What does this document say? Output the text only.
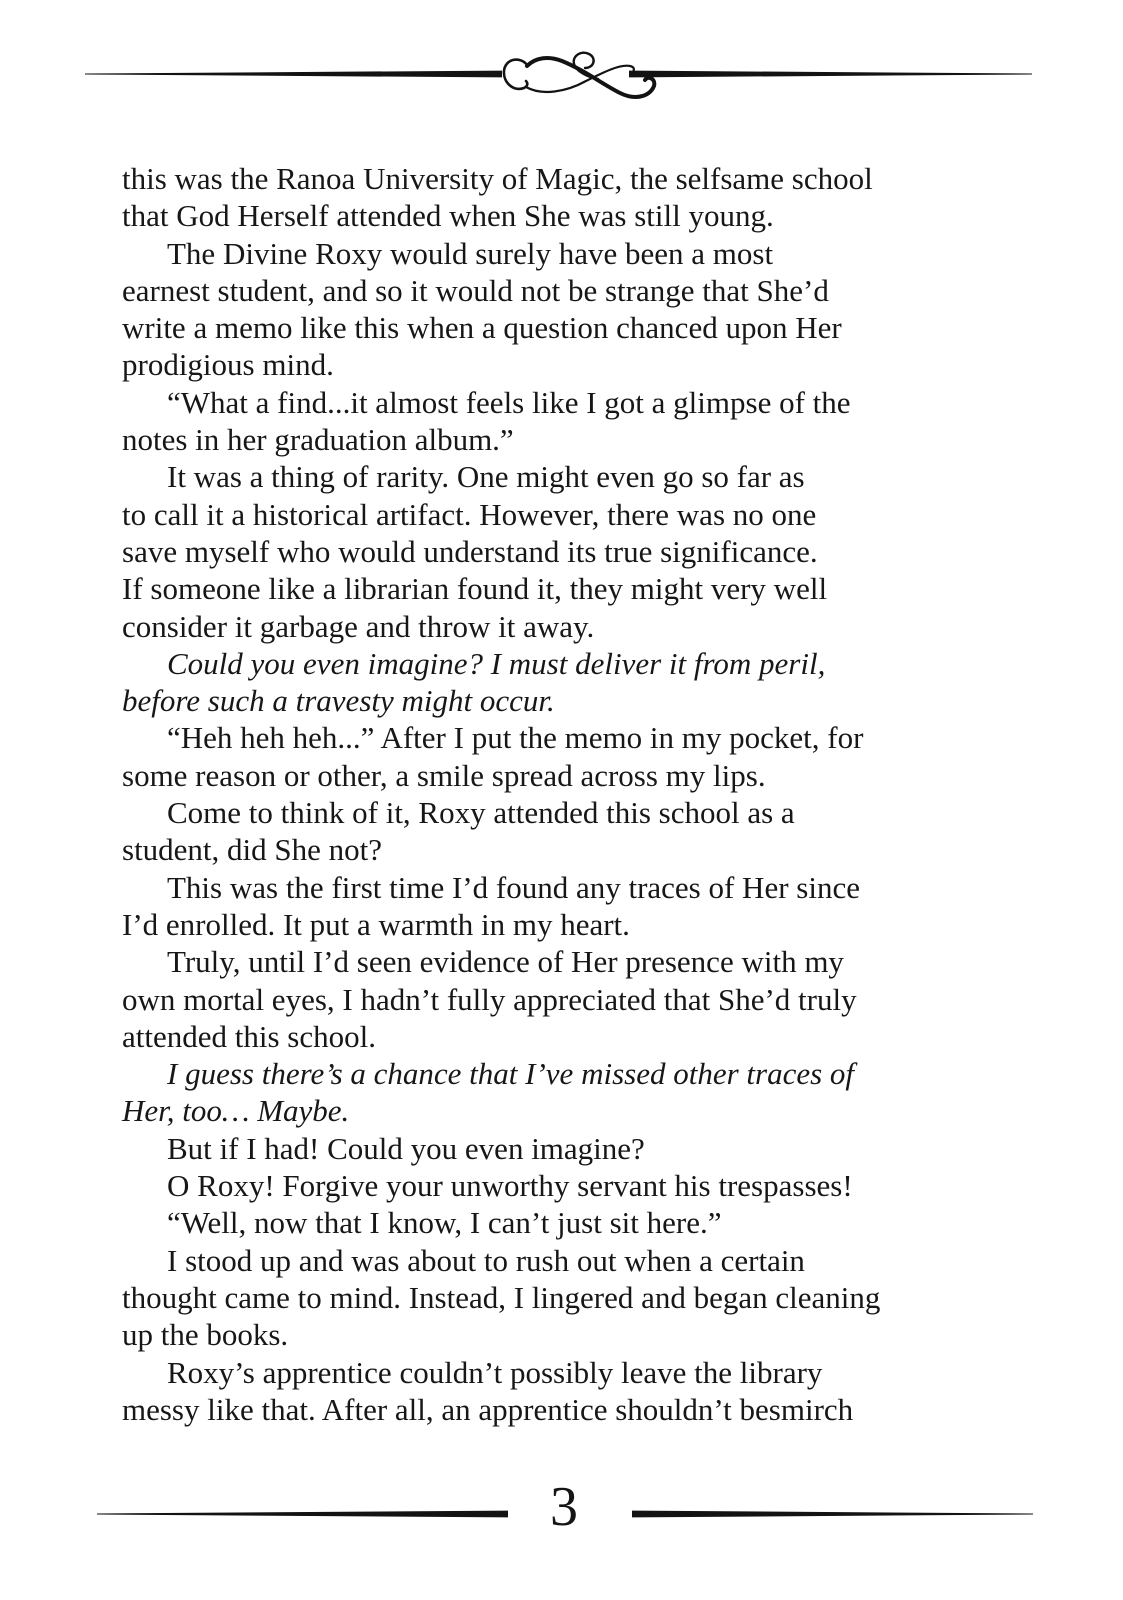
this was the Ranoa University of Magic, the selfsame school
that God Herself attended when She was still young.
The Divine Roxy would surely have been a most
earnest student, and so it would not be strange that She’d
write a memo like this when a question chanced upon Her
prodigious mind.
“What a find...it almost feels like I got a glimpse of the
notes in her graduation album.”
It was a thing of rarity. One might even go so far as
to call it a historical artifact. However, there was no one
save myself who would understand its true significance.
If someone like a librarian found it, they might very well
consider it garbage and throw it away.
Could you even imagine? I must deliver it from peril,
before such a travesty might occur.
“Heh heh heh...” After I put the memo in my pocket, for
some reason or other, a smile spread across my lips.
Come to think of it, Roxy attended this school as a
student, did She not?
This was the first time I’d found any traces of Her since
I’d enrolled. It put a warmth in my heart.
Truly, until I’d seen evidence of Her presence with my
own mortal eyes, I hadn’t fully appreciated that She’d truly
attended this school.
I guess there’s a chance that I’ve missed other traces of
Her, too… Maybe.
But if I had! Could you even imagine?
O Roxy! Forgive your unworthy servant his trespasses!
“Well, now that I know, I can’t just sit here.”
I stood up and was about to rush out when a certain
thought came to mind. Instead, I lingered and began cleaning
up the books.
Roxy’s apprentice couldn’t possibly leave the library
messy like that. After all, an apprentice shouldn’t besmirch
3
